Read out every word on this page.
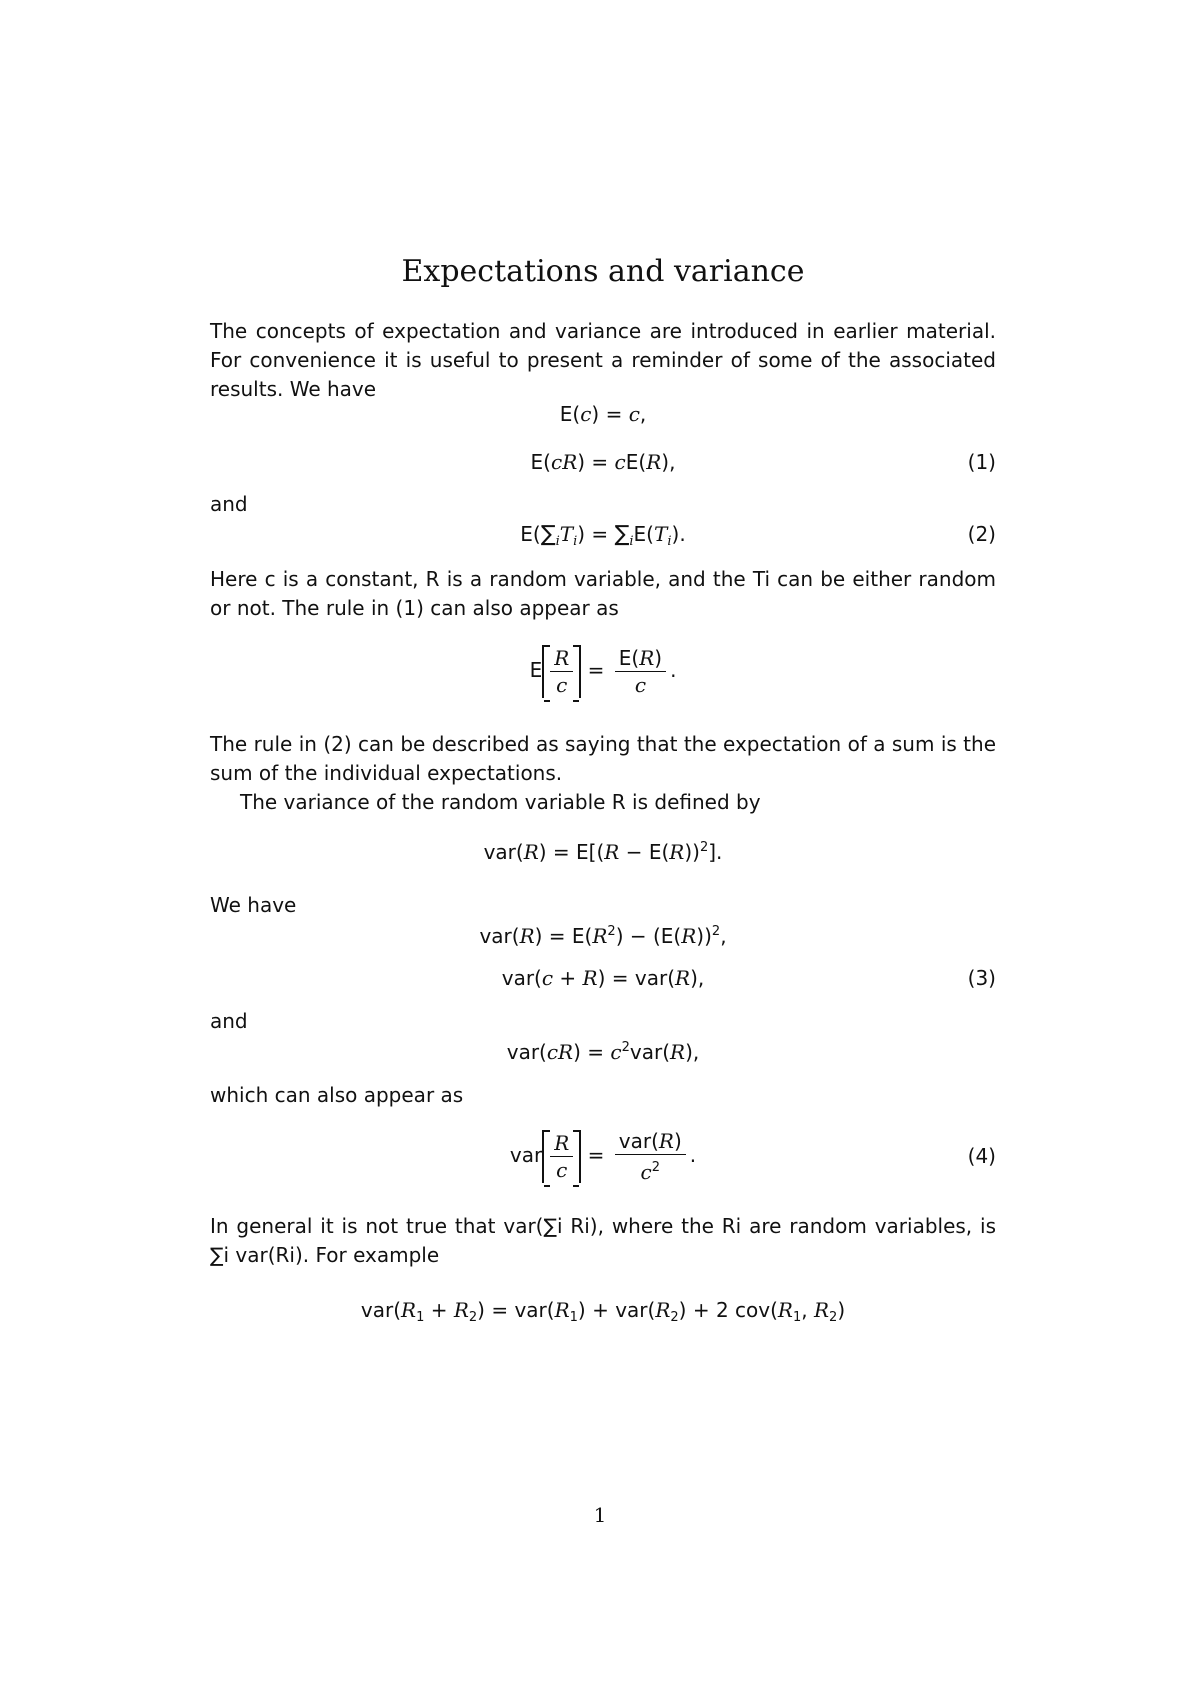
Expectations and variance

The concepts of expectation and variance are introduced in earlier material. For convenience it is useful to present a reminder of some of the associated results. We have

E(c) = c,
E(cR) = cE(R),	(1)

and

$E(\sum_iT_i) = \sum_iE(T_i)$.	(2)

Here c is a constant, R is a random variable, and the Ti can be either random or not. The rule in (1) can also appear as

E $\frac{R}{c} = \frac{E(R)}{c}$ .

The rule in (2) can be described as saying that the expectation of a sum is the sum of the individual expectations.

The variance of the random variable R is defined by

$var(R) = E[(R - E(R))^2]$.

We have

$var(R) = E(R^2) - (E(R))^2$,
var(c + R) = var(R),	(3)

and

$var(cR) = c^2var(R)$,

which can also appear as

var $\frac{R}{c} = \frac{\text{var(R)}}{c^2}$ .	(4)

In general it is not true that var(∑i Ri), where the Ri are random variables, is ∑i var(Ri). For example

$var(R_1 + R_2) = var(R_1) + var(R_2) + 2$ $cov(R_1$, $R_2$)
1
